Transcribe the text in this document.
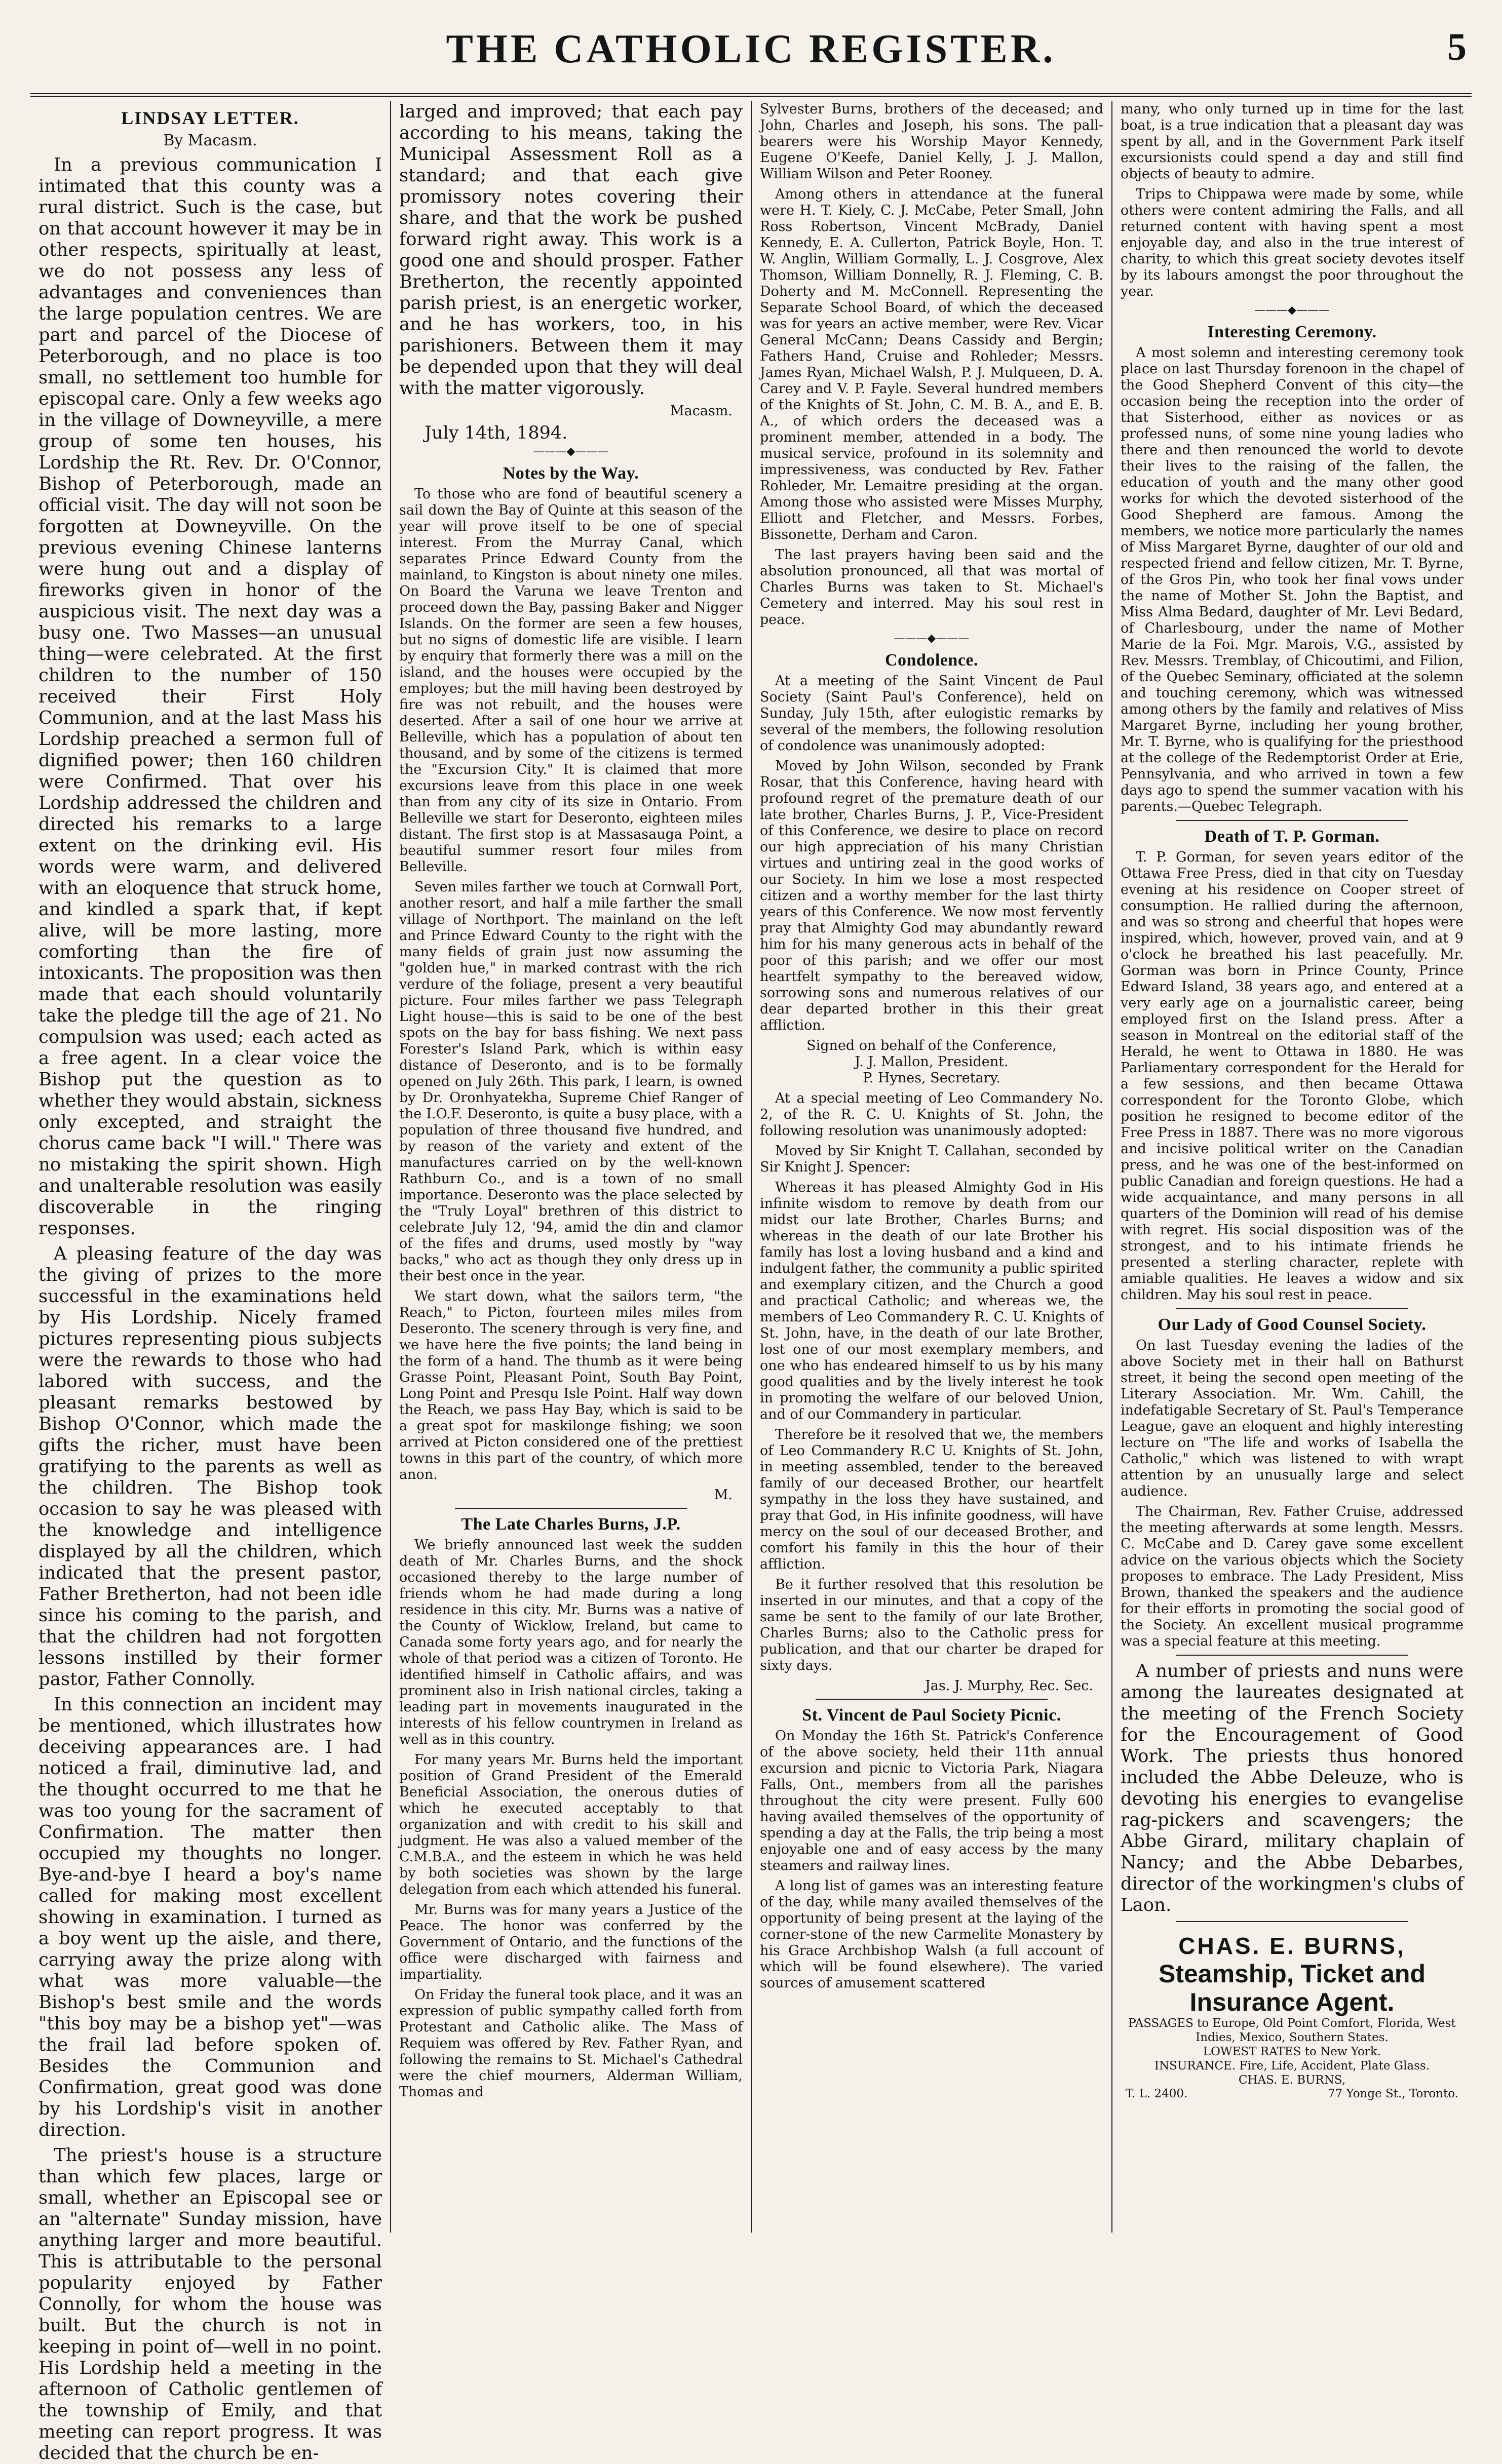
THE CATHOLIC REGISTER.	5
LINDSAY LETTER.
By Macasm.

In a previous communication I intimated that this county was a rural district. Such is the case, but on that account however it may be in other respects, spiritually at least, we do not possess any less of advantages and conveniences than the large population centres. We are part and parcel of the Diocese of Peterborough, and no place is too small, no settlement too humble for episcopal care. Only a few weeks ago in the village of Downeyville, a mere group of some ten houses, his Lordship the Rt. Rev. Dr. O'Connor, Bishop of Peterborough, made an official visit. The day will not soon be forgotten at Downeyville. On the previous evening Chinese lanterns were hung out and a display of fireworks given in honor of the auspicious visit. The next day was a busy one. Two Masses—an unusual thing—were celebrated. At the first children to the number of 150 received their First Holy Communion, and at the last Mass his Lordship preached a sermon full of dignified power; then 160 children were Confirmed. That over his Lordship addressed the children and directed his remarks to a large extent on the drinking evil. His words were warm, and delivered with an eloquence that struck home, and kindled a spark that, if kept alive, will be more lasting, more comforting than the fire of intoxicants. The proposition was then made that each should voluntarily take the pledge till the age of 21. No compulsion was used; each acted as a free agent. In a clear voice the Bishop put the question as to whether they would abstain, sickness only excepted, and straight the chorus came back "I will." There was no mistaking the spirit shown. High and unalterable resolution was easily discoverable in the ringing responses.

A pleasing feature of the day was the giving of prizes to the more successful in the examinations held by His Lordship. Nicely framed pictures representing pious subjects were the rewards to those who had labored with success, and the pleasant remarks bestowed by Bishop O'Connor, which made the gifts the richer, must have been gratifying to the parents as well as the children. The Bishop took occasion to say he was pleased with the knowledge and intelligence displayed by all the children, which indicated that the present pastor, Father Bretherton, had not been idle since his coming to the parish, and that the children had not forgotten lessons instilled by their former pastor, Father Connolly.

In this connection an incident may be mentioned, which illustrates how deceiving appearances are. I had noticed a frail, diminutive lad, and the thought occurred to me that he was too young for the sacrament of Confirmation. The matter then occupied my thoughts no longer. Bye-and-bye I heard a boy's name called for making most excellent showing in examination. I turned as a boy went up the aisle, and there, carrying away the prize along with what was more valuable—the Bishop's best smile and the words "this boy may be a bishop yet"—was the frail lad before spoken of. Besides the Communion and Confirmation, great good was done by his Lordship's visit in another direction.

The priest's house is a structure than which few places, large or small, whether an Episcopal see or an "alternate" Sunday mission, have anything larger and more beautiful. This is attributable to the personal popularity enjoyed by Father Connolly, for whom the house was built. But the church is not in keeping in point of—well in no point. His Lordship held a meeting in the afternoon of Catholic gentlemen of the township of Emily, and that meeting can report progress. It was decided that the church be en-

larged and improved; that each pay according to his means, taking the Municipal Assessment Roll as a standard; and that each give promissory notes covering their share, and that the work be pushed forward right away. This work is a good one and should prosper. Father Bretherton, the recently appointed parish priest, is an energetic worker, and he has workers, too, in his parishioners. Between them it may be depended upon that they will deal with the matter vigorously.

Macasm.
July 14th, 1894.
———◆———
Notes by the Way.

To those who are fond of beautiful scenery a sail down the Bay of Quinte at this season of the year will prove itself to be one of special interest. From the Murray Canal, which separates Prince Edward County from the mainland, to Kingston is about ninety one miles. On Board the Varuna we leave Trenton and proceed down the Bay, passing Baker and Nigger Islands. On the former are seen a few houses, but no signs of domestic life are visible. I learn by enquiry that formerly there was a mill on the island, and the houses were occupied by the employes; but the mill having been destroyed by fire was not rebuilt, and the houses were deserted. After a sail of one hour we arrive at Belleville, which has a population of about ten thousand, and by some of the citizens is termed the "Excursion City." It is claimed that more excursions leave from this place in one week than from any city of its size in Ontario. From Belleville we start for Deseronto, eighteen miles distant. The first stop is at Massasauga Point, a beautiful summer resort four miles from Belleville.

Seven miles farther we touch at Cornwall Port, another resort, and half a mile farther the small village of Northport. The mainland on the left and Prince Edward County to the right with the many fields of grain just now assuming the "golden hue," in marked contrast with the rich verdure of the foliage, present a very beautiful picture. Four miles farther we pass Telegraph Light house—this is said to be one of the best spots on the bay for bass fishing. We next pass Forester's Island Park, which is within easy distance of Deseronto, and is to be formally opened on July 26th. This park, I learn, is owned by Dr. Oronhyatekha, Supreme Chief Ranger of the I.O.F. Deseronto, is quite a busy place, with a population of three thousand five hundred, and by reason of the variety and extent of the manufactures carried on by the well-known Rathburn Co., and is a town of no small importance. Deseronto was the place selected by the "Truly Loyal" brethren of this district to celebrate July 12, '94, amid the din and clamor of the fifes and drums, used mostly by "way backs," who act as though they only dress up in their best once in the year.

We start down, what the sailors term, "the Reach," to Picton, fourteen miles miles from Deseronto. The scenery through is very fine, and we have here the five points; the land being in the form of a hand. The thumb as it were being Grasse Point, Pleasant Point, South Bay Point, Long Point and Presqu Isle Point. Half way down the Reach, we pass Hay Bay, which is said to be a great spot for maskilonge fishing; we soon arrived at Picton considered one of the prettiest towns in this part of the country, of which more anon.

M.
The Late Charles Burns, J.P.

We briefly announced last week the sudden death of Mr. Charles Burns, and the shock occasioned thereby to the large number of friends whom he had made during a long residence in this city. Mr. Burns was a native of the County of Wicklow, Ireland, but came to Canada some forty years ago, and for nearly the whole of that period was a citizen of Toronto. He identified himself in Catholic affairs, and was prominent also in Irish national circles, taking a leading part in movements inaugurated in the interests of his fellow countrymen in Ireland as well as in this country.

For many years Mr. Burns held the important position of Grand President of the Emerald Beneficial Association, the onerous duties of which he executed acceptably to that organization and with credit to his skill and judgment. He was also a valued member of the C.M.B.A., and the esteem in which he was held by both societies was shown by the large delegation from each which attended his funeral.

Mr. Burns was for many years a Justice of the Peace. The honor was conferred by the Government of Ontario, and the functions of the office were discharged with fairness and impartiality.

On Friday the funeral took place, and it was an expression of public sympathy called forth from Protestant and Catholic alike. The Mass of Requiem was offered by Rev. Father Ryan, and following the remains to St. Michael's Cathedral were the chief mourners, Alderman William, Thomas and

Sylvester Burns, brothers of the deceased; and John, Charles and Joseph, his sons. The pall-bearers were his Worship Mayor Kennedy, Eugene O'Keefe, Daniel Kelly, J. J. Mallon, William Wilson and Peter Rooney.

Among others in attendance at the funeral were H. T. Kiely, C. J. McCabe, Peter Small, John Ross Robertson, Vincent McBrady, Daniel Kennedy, E. A. Cullerton, Patrick Boyle, Hon. T. W. Anglin, William Gormally, L. J. Cosgrove, Alex Thomson, William Donnelly, R. J. Fleming, C. B. Doherty and M. McConnell. Representing the Separate School Board, of which the deceased was for years an active member, were Rev. Vicar General McCann; Deans Cassidy and Bergin; Fathers Hand, Cruise and Rohleder; Messrs. James Ryan, Michael Walsh, P. J. Mulqueen, D. A. Carey and V. P. Fayle. Several hundred members of the Knights of St. John, C. M. B. A., and E. B. A., of which orders the deceased was a prominent member, attended in a body. The musical service, profound in its solemnity and impressiveness, was conducted by Rev. Father Rohleder, Mr. Lemaitre presiding at the organ. Among those who assisted were Misses Murphy, Elliott and Fletcher, and Messrs. Forbes, Bissonette, Derham and Caron.

The last prayers having been said and the absolution pronounced, all that was mortal of Charles Burns was taken to St. Michael's Cemetery and interred. May his soul rest in peace.

———◆———
Condolence.

At a meeting of the Saint Vincent de Paul Society (Saint Paul's Conference), held on Sunday, July 15th, after eulogistic remarks by several of the members, the following resolution of condolence was unanimously adopted:

Moved by John Wilson, seconded by Frank Rosar, that this Conference, having heard with profound regret of the premature death of our late brother, Charles Burns, J. P., Vice-President of this Conference, we desire to place on record our high appreciation of his many Christian virtues and untiring zeal in the good works of our Society. In him we lose a most respected citizen and a worthy member for the last thirty years of this Conference. We now most fervently pray that Almighty God may abundantly reward him for his many generous acts in behalf of the poor of this parish; and we offer our most heartfelt sympathy to the bereaved widow, sorrowing sons and numerous relatives of our dear departed brother in this their great affliction.

Signed on behalf of the Conference,
J. J. Mallon, President.
P. Hynes, Secretary.

At a special meeting of Leo Commandery No. 2, of the R. C. U. Knights of St. John, the following resolution was unanimously adopted:

Moved by Sir Knight T. Callahan, seconded by Sir Knight J. Spencer:

Whereas it has pleased Almighty God in His infinite wisdom to remove by death from our midst our late Brother, Charles Burns; and whereas in the death of our late Brother his family has lost a loving husband and a kind and indulgent father, the community a public spirited and exemplary citizen, and the Church a good and practical Catholic; and whereas we, the members of Leo Commandery R. C. U. Knights of St. John, have, in the death of our late Brother, lost one of our most exemplary members, and one who has endeared himself to us by his many good qualities and by the lively interest he took in promoting the welfare of our beloved Union, and of our Commandery in particular.

Therefore be it resolved that we, the members of Leo Commandery R.C U. Knights of St. John, in meeting assembled, tender to the bereaved family of our deceased Brother, our heartfelt sympathy in the loss they have sustained, and pray that God, in His infinite goodness, will have mercy on the soul of our deceased Brother, and comfort his family in this the hour of their affliction.

Be it further resolved that this resolution be inserted in our minutes, and that a copy of the same be sent to the family of our late Brother, Charles Burns; also to the Catholic press for publication, and that our charter be draped for sixty days.

Jas. J. Murphy, Rec. Sec.
St. Vincent de Paul Society Picnic.

On Monday the 16th St. Patrick's Conference of the above society, held their 11th annual excursion and picnic to Victoria Park, Niagara Falls, Ont., members from all the parishes throughout the city were present. Fully 600 having availed themselves of the opportunity of spending a day at the Falls, the trip being a most enjoyable one and of easy access by the many steamers and railway lines.

A long list of games was an interesting feature of the day, while many availed themselves of the opportunity of being present at the laying of the corner-stone of the new Carmelite Monastery by his Grace Archbishop Walsh (a full account of which will be found elsewhere). The varied sources of amusement scattered

many, who only turned up in time for the last boat, is a true indication that a pleasant day was spent by all, and in the Government Park itself excursionists could spend a day and still find objects of beauty to admire.

Trips to Chippawa were made by some, while others were content admiring the Falls, and all returned content with having spent a most enjoyable day, and also in the true interest of charity, to which this great society devotes itself by its labours amongst the poor throughout the year.

———◆———
Interesting Ceremony.

A most solemn and interesting ceremony took place on last Thursday forenoon in the chapel of the Good Shepherd Convent of this city—the occasion being the reception into the order of that Sisterhood, either as novices or as professed nuns, of some nine young ladies who there and then renounced the world to devote their lives to the raising of the fallen, the education of youth and the many other good works for which the devoted sisterhood of the Good Shepherd are famous. Among the members, we notice more particularly the names of Miss Margaret Byrne, daughter of our old and respected friend and fellow citizen, Mr. T. Byrne, of the Gros Pin, who took her final vows under the name of Mother St. John the Baptist, and Miss Alma Bedard, daughter of Mr. Levi Bedard, of Charlesbourg, under the name of Mother Marie de la Foi. Mgr. Marois, V.G., assisted by Rev. Messrs. Tremblay, of Chicoutimi, and Filion, of the Quebec Seminary, officiated at the solemn and touching ceremony, which was witnessed among others by the family and relatives of Miss Margaret Byrne, including her young brother, Mr. T. Byrne, who is qualifying for the priesthood at the college of the Redemptorist Order at Erie, Pennsylvania, and who arrived in town a few days ago to spend the summer vacation with his parents.—Quebec Telegraph.

Death of T. P. Gorman.

T. P. Gorman, for seven years editor of the Ottawa Free Press, died in that city on Tuesday evening at his residence on Cooper street of consumption. He rallied during the afternoon, and was so strong and cheerful that hopes were inspired, which, however, proved vain, and at 9 o'clock he breathed his last peacefully. Mr. Gorman was born in Prince County, Prince Edward Island, 38 years ago, and entered at a very early age on a journalistic career, being employed first on the Island press. After a season in Montreal on the editorial staff of the Herald, he went to Ottawa in 1880. He was Parliamentary correspondent for the Herald for a few sessions, and then became Ottawa correspondent for the Toronto Globe, which position he resigned to become editor of the Free Press in 1887. There was no more vigorous and incisive political writer on the Canadian press, and he was one of the best-informed on public Canadian and foreign questions. He had a wide acquaintance, and many persons in all quarters of the Dominion will read of his demise with regret. His social disposition was of the strongest, and to his intimate friends he presented a sterling character, replete with amiable qualities. He leaves a widow and six children. May his soul rest in peace.

Our Lady of Good Counsel Society.

On last Tuesday evening the ladies of the above Society met in their hall on Bathurst street, it being the second open meeting of the Literary Association. Mr. Wm. Cahill, the indefatigable Secretary of St. Paul's Temperance League, gave an eloquent and highly interesting lecture on "The life and works of Isabella the Catholic," which was listened to with wrapt attention by an unusually large and select audience.

The Chairman, Rev. Father Cruise, addressed the meeting afterwards at some length. Messrs. C. McCabe and D. Carey gave some excellent advice on the various objects which the Society proposes to embrace. The Lady President, Miss Brown, thanked the speakers and the audience for their efforts in promoting the social good of the Society. An excellent musical programme was a special feature at this meeting.

A number of priests and nuns were among the laureates designated at the meeting of the French Society for the Encouragement of Good Work. The priests thus honored included the Abbe Deleuze, who is devoting his energies to evangelise rag-pickers and scavengers; the Abbe Girard, military chaplain of Nancy; and the Abbe Debarbes, director of the workingmen's clubs of Laon.

CHAS. E. BURNS,
Steamship, Ticket and Insurance Agent.
PASSAGES to Europe, Old Point Comfort, Florida, West Indies, Mexico, Southern States.
LOWEST RATES to New York.
INSURANCE. Fire, Life, Accident, Plate Glass.
CHAS. E. BURNS,
T. L. 2400.	77 Yonge St., Toronto.
